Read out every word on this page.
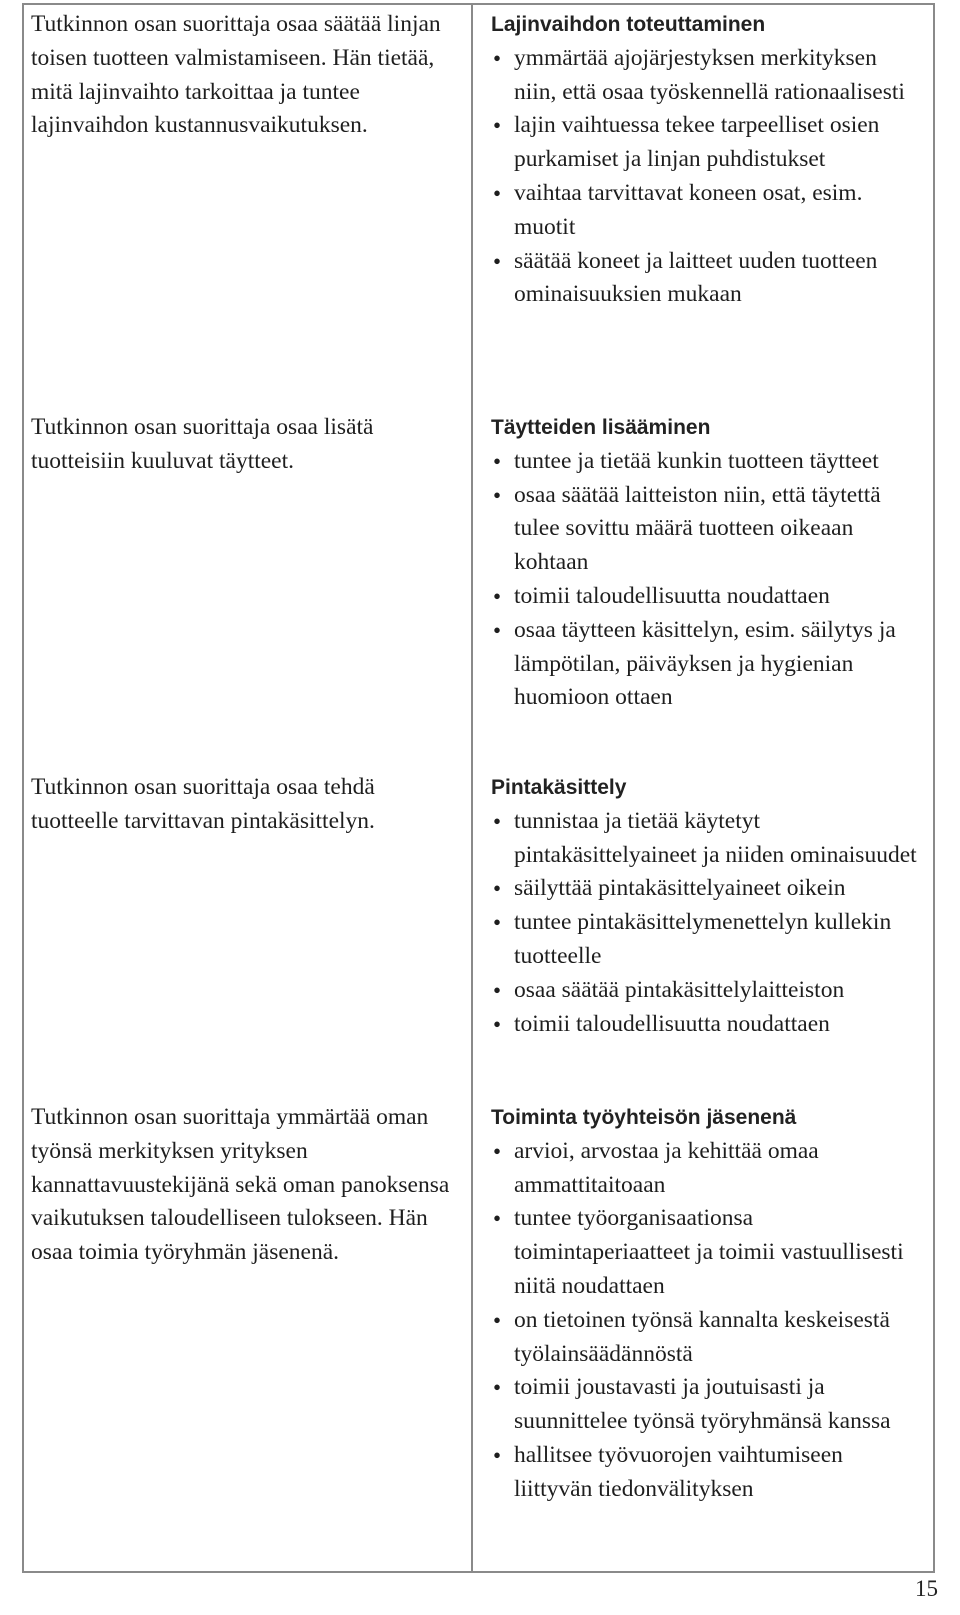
Tutkinnon osan suorittaja osaa säätää linjan toisen tuotteen valmistamiseen. Hän tietää, mitä lajinvaihto tarkoittaa ja tuntee lajinvaihdon kustannusvaikutuksen.
Tutkinnon osan suorittaja osaa lisätä tuotteisiin kuuluvat täytteet.
Tutkinnon osan suorittaja osaa tehdä tuotteelle tarvittavan pintakäsittelyn.
Tutkinnon osan suorittaja ymmärtää oman työnsä merkityksen yrityksen kannattavuustekijänä sekä oman panoksensa vaikutuksen taloudelliseen tulokseen. Hän osaa toimia työryhmän jäsenenä.
Lajinvaihdon toteuttaminen
• ymmärtää ajojärjestyksen merkityksen niin, että osaa työskennellä rationaalisesti
• lajin vaihtuessa tekee tarpeelliset osien purkamiset ja linjan puhdistukset
• vaihtaa tarvittavat koneen osat, esim. muotit
• säätää koneet ja laitteet uuden tuotteen ominaisuuksien mukaan
Täytteiden lisääminen
• tuntee ja tietää kunkin tuotteen täytteet
• osaa säätää laitteiston niin, että täytettä tulee sovittu määrä tuotteen oikeaan kohtaan
• toimii taloudellisuutta noudattaen
• osaa täytteen käsittelyn, esim. säilytys ja lämpötilan, päiväyksen ja hygienian huomioon ottaen
Pintakäsittely
• tunnistaa ja tietää käytetyt pintakäsittelyaineet ja niiden ominaisuudet
• säilyttää pintakäsittelyaineet oikein
• tuntee pintakäsittelymenettelyn kullekin tuotteelle
• osaa säätää pintakäsittelylaitteiston
• toimii taloudellisuutta noudattaen
Toiminta työyhteisön jäsenenä
• arvioi, arvostaa ja kehittää omaa ammattitaitoaan
• tuntee työorganisaationsa toimintaperiaatteet ja toimii vastuullisesti niitä noudattaen
• on tietoinen työnsä kannalta keskeisestä työlainsäädännöstä
• toimii joustavasti ja joutuisasti ja suunnittelee työnsä työryhmänsä kanssa
• hallitsee työvuorojen vaihtumiseen liittyvän tiedonvälityksen
15
